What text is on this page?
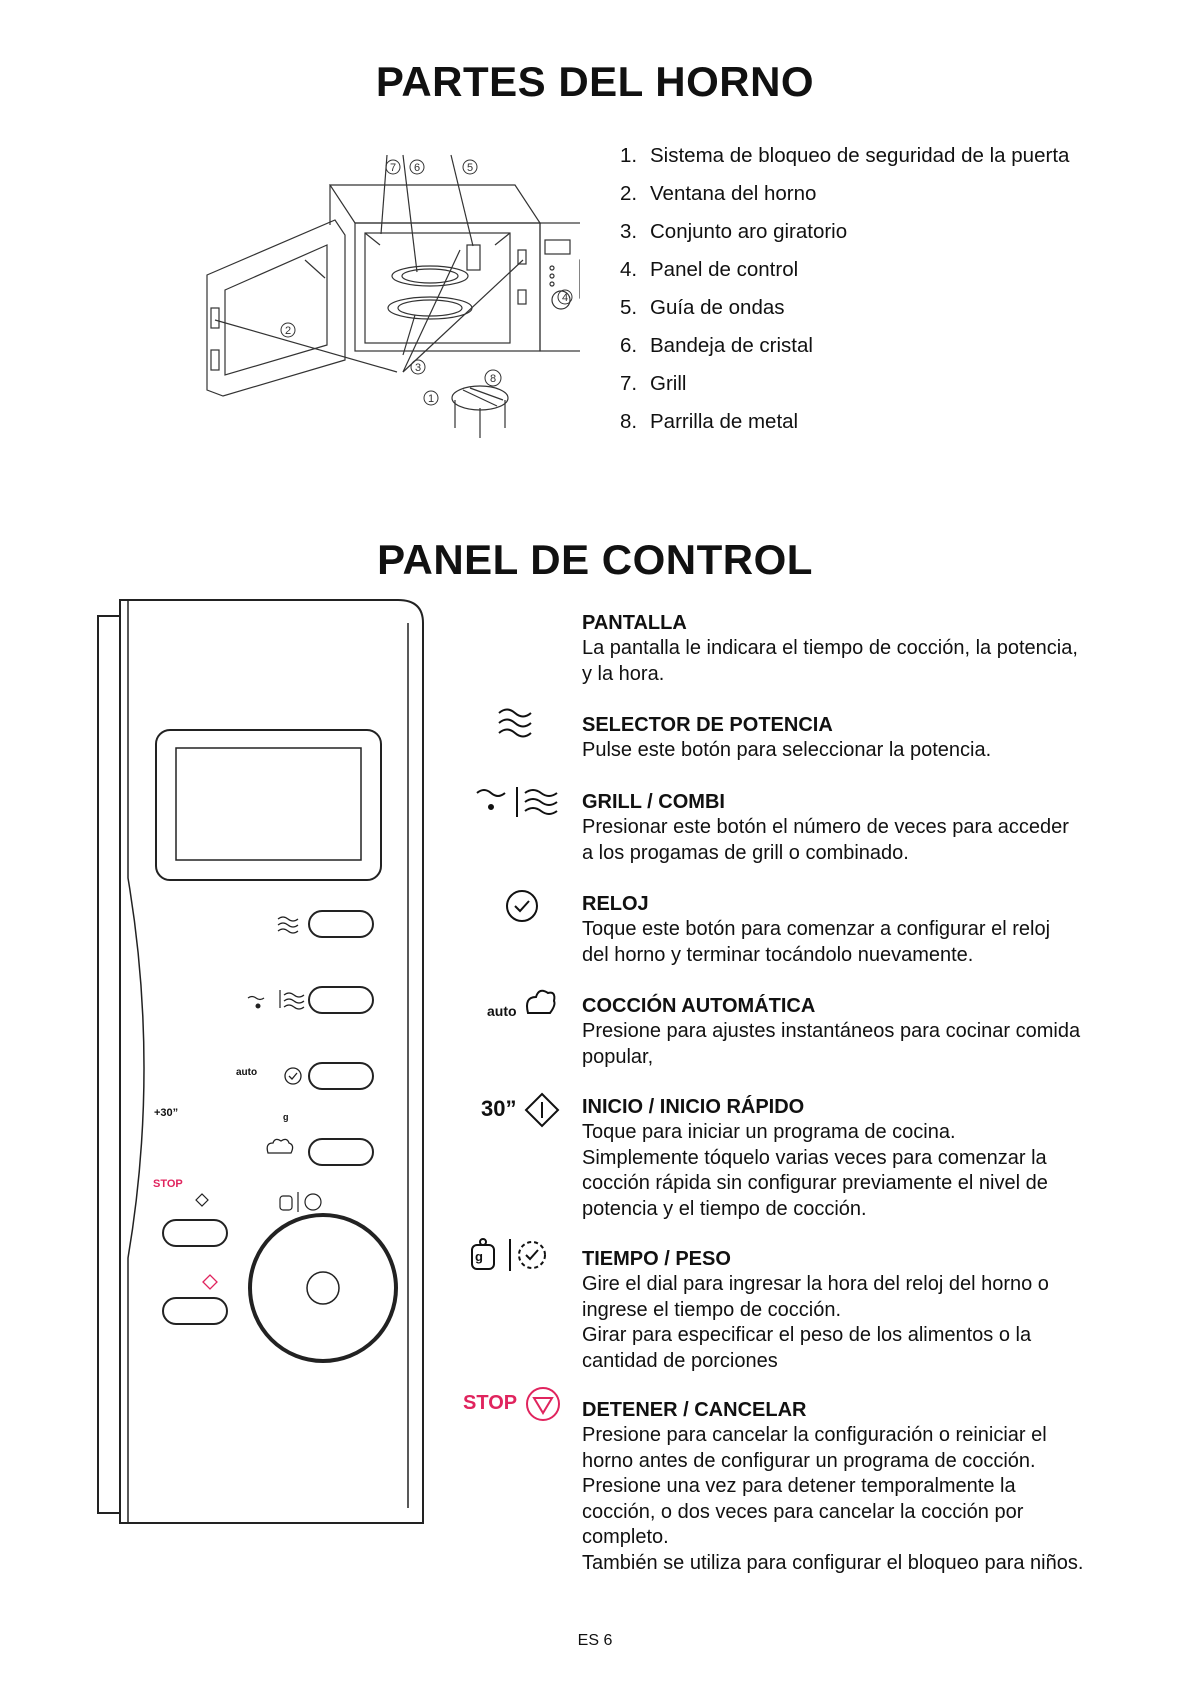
PARTES DEL HORNO
7 6	5
4
2
3
1
8
1. Sistema de bloqueo de seguridad de la puerta
2. Ventana del horno
3. Conjunto aro giratorio
4. Panel de control
5. Guía de ondas
6. Bandeja de cristal
7. Grill
8. Parrilla de metal
PANEL DE CONTROL
auto
+30”
STOP
g
auto
30”
g
STOP
PANTALLA

La pantalla le indicara el tiempo de cocción, la potencia,
y la hora.

SELECTOR DE POTENCIA

Pulse este botón para seleccionar la potencia.

GRILL / COMBI

Presionar este botón el número de veces para acceder
a los progamas de grill o combinado.

RELOJ

Toque este botón para comenzar a configurar el reloj
del horno y terminar tocándolo nuevamente.

COCCIÓN AUTOMÁTICA

Presione para ajustes instantáneos para cocinar comida
popular,

INICIO / INICIO RÁPIDO

Toque para iniciar un programa de cocina.
Simplemente tóquelo varias veces para comenzar la
cocción rápida sin configurar previamente el nivel de
potencia y el tiempo de cocción.

TIEMPO / PESO

Gire el dial para ingresar la hora del reloj del horno o
ingrese el tiempo de cocción.
Girar para especificar el peso de los alimentos o la
cantidad de porciones

DETENER / CANCELAR

Presione para cancelar la configuración o reiniciar el
horno antes de configurar un programa de cocción.
Presione una vez para detener temporalmente la
cocción, o dos veces para cancelar la cocción por
completo.
También se utiliza para configurar el bloqueo para niños.

ES 6
